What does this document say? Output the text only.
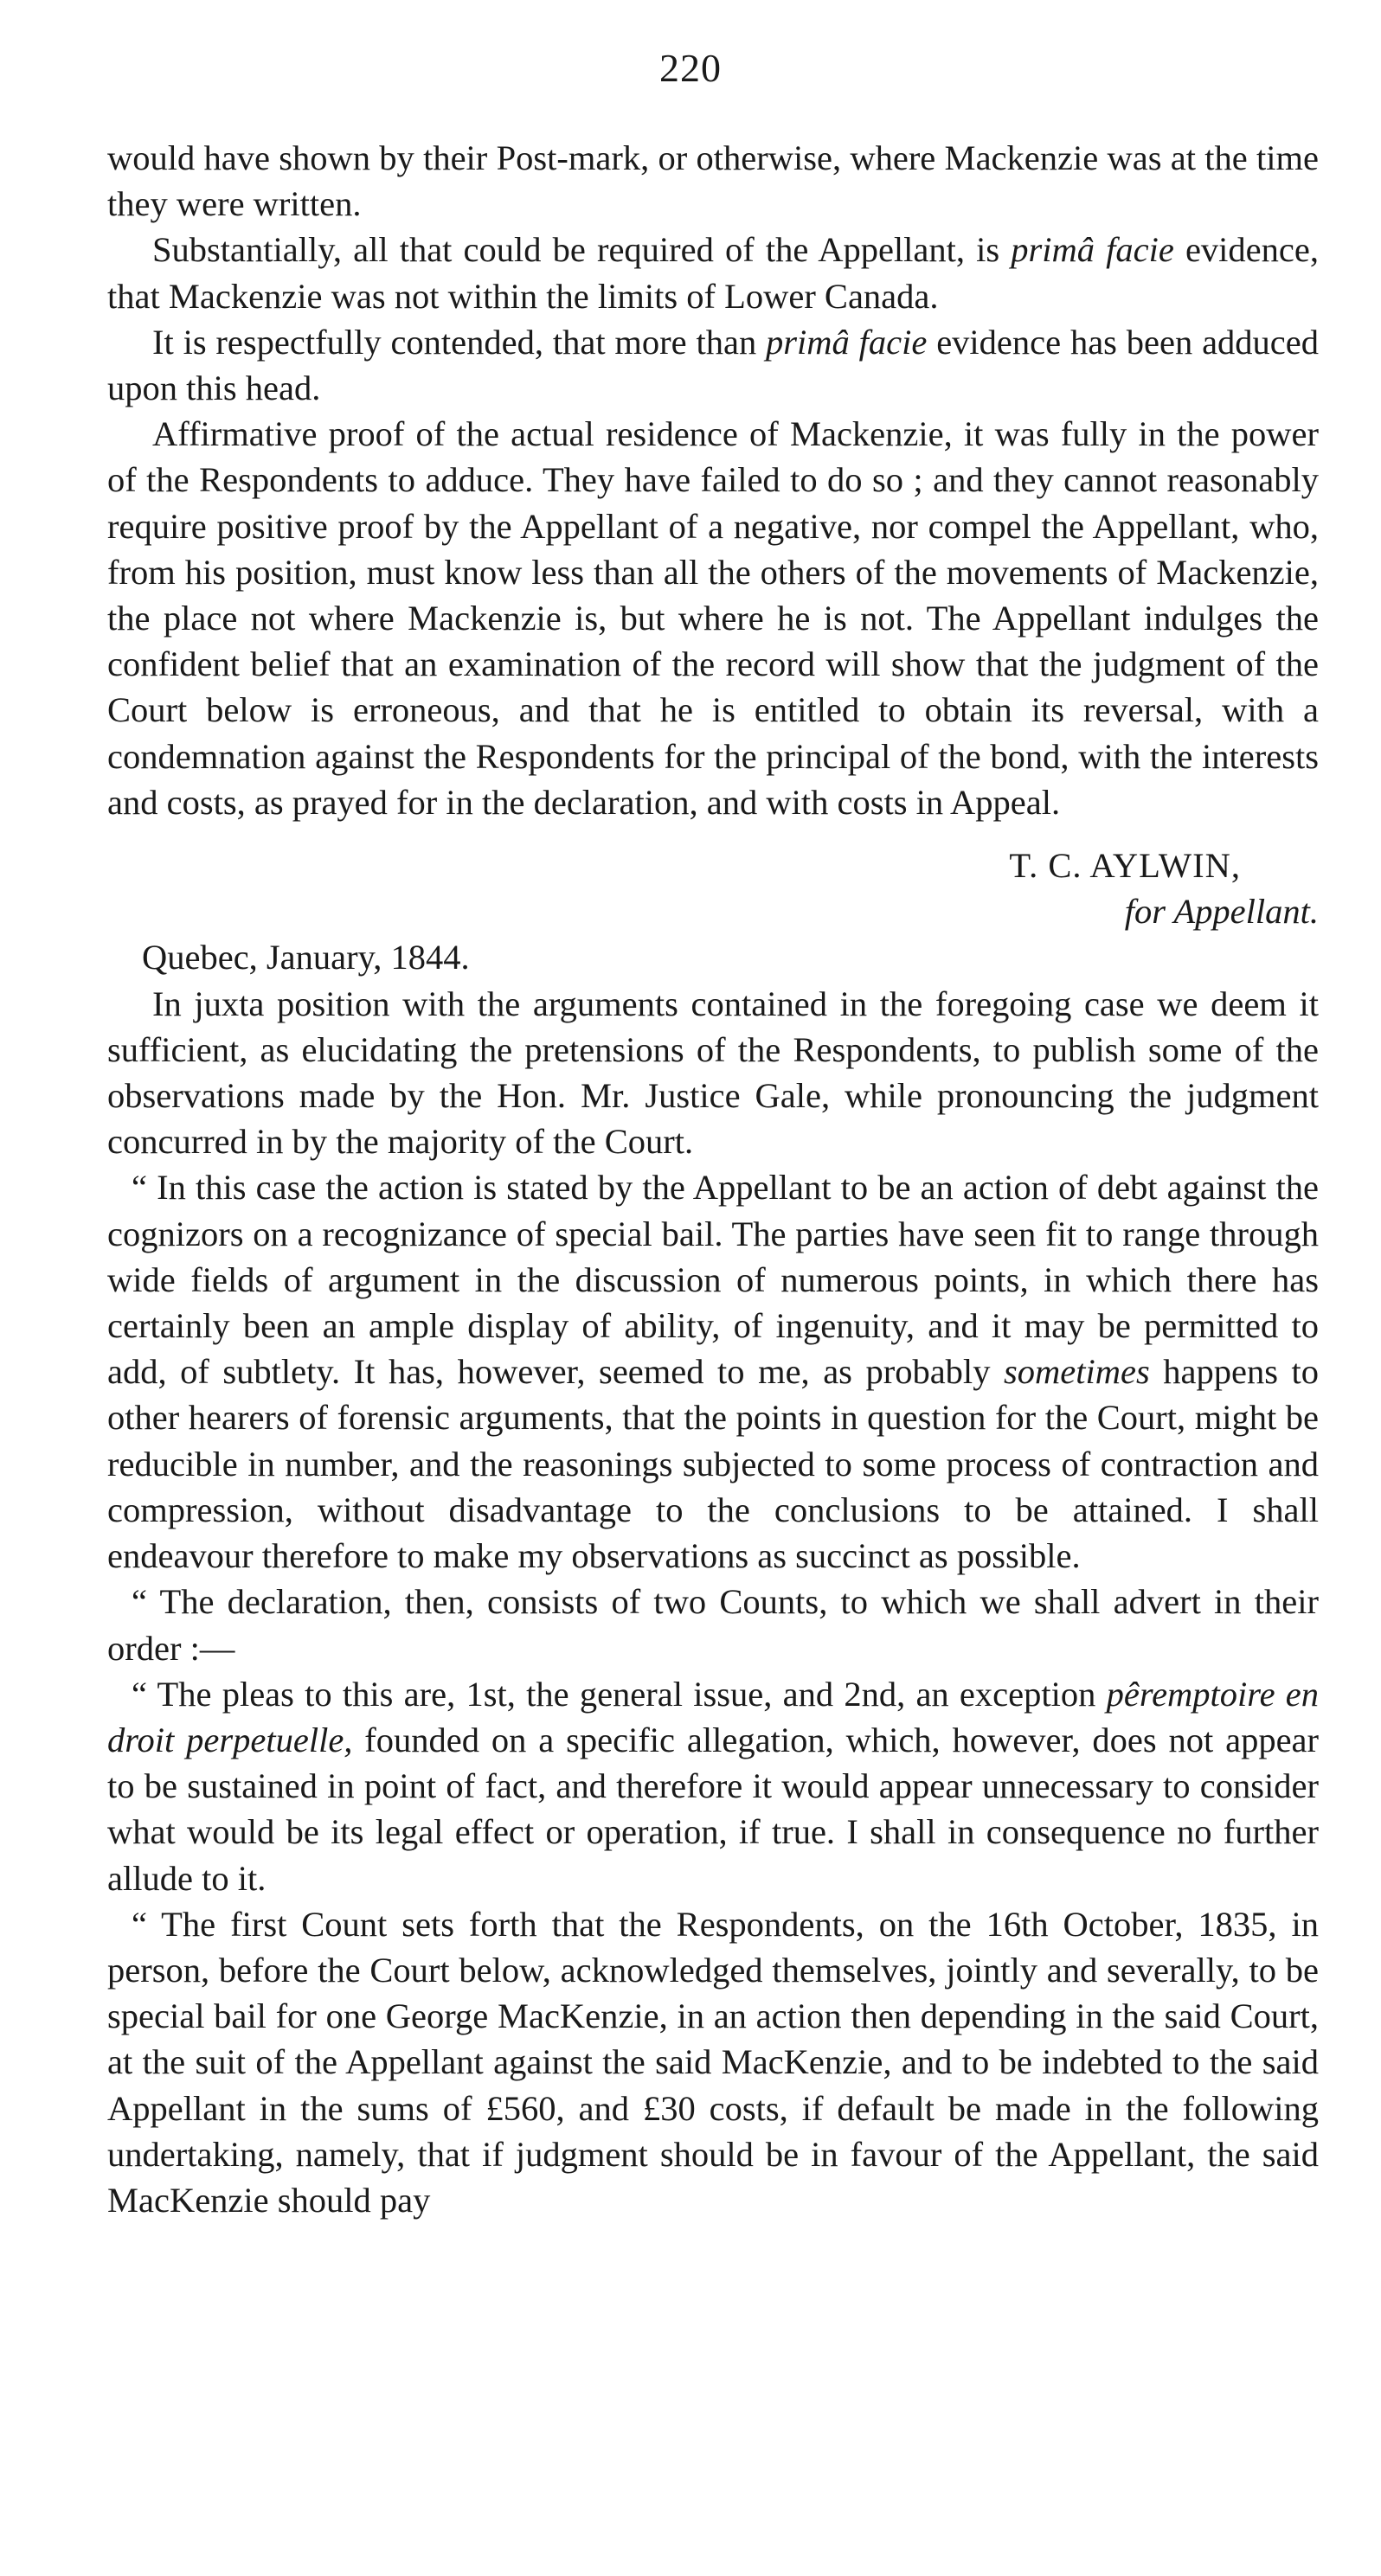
220

would have shown by their Post-mark, or otherwise, where Mackenzie was at the time they were written.

Substantially, all that could be required of the Appellant, is primâ facie evidence, that Mackenzie was not within the limits of Lower Canada.

It is respectfully contended, that more than primâ facie evidence has been adduced upon this head.

Affirmative proof of the actual residence of Mackenzie, it was fully in the power of the Respondents to adduce. They have failed to do so ; and they cannot reasonably require positive proof by the Appellant of a negative, nor compel the Appellant, who, from his position, must know less than all the others of the movements of Mackenzie, the place not where Mackenzie is, but where he is not. The Appellant indulges the confident belief that an examination of the record will show that the judgment of the Court below is erroneous, and that he is entitled to obtain its reversal, with a condemnation against the Respondents for the principal of the bond, with the interests and costs, as prayed for in the declaration, and with costs in Appeal.

T. C. AYLWIN,
for Appellant.

Quebec, January, 1844.

In juxta position with the arguments contained in the foregoing case we deem it sufficient, as elucidating the pretensions of the Respondents, to publish some of the observations made by the Hon. Mr. Justice Gale, while pronouncing the judgment concurred in by the majority of the Court.

“ In this case the action is stated by the Appellant to be an action of debt against the cognizors on a recognizance of special bail. The parties have seen fit to range through wide fields of argument in the discussion of numerous points, in which there has certainly been an ample display of ability, of ingenuity, and it may be permitted to add, of subtlety. It has, however, seemed to me, as probably sometimes happens to other hearers of forensic arguments, that the points in question for the Court, might be reducible in number, and the reasonings subjected to some process of contraction and compression, without disadvantage to the conclusions to be attained. I shall endeavour therefore to make my observations as succinct as possible.

“ The declaration, then, consists of two Counts, to which we shall advert in their order :—

“ The pleas to this are, 1st, the general issue, and 2nd, an exception pêremptoire en droit perpetuelle, founded on a specific allegation, which, however, does not appear to be sustained in point of fact, and therefore it would appear unnecessary to consider what would be its legal effect or operation, if true. I shall in consequence no further allude to it.

“ The first Count sets forth that the Respondents, on the 16th October, 1835, in person, before the Court below, acknowledged themselves, jointly and severally, to be special bail for one George MacKenzie, in an action then depending in the said Court, at the suit of the Appellant against the said MacKenzie, and to be indebted to the said Appellant in the sums of £560, and £30 costs, if default be made in the following undertaking, namely, that if judgment should be in favour of the Appellant, the said MacKenzie should pay
